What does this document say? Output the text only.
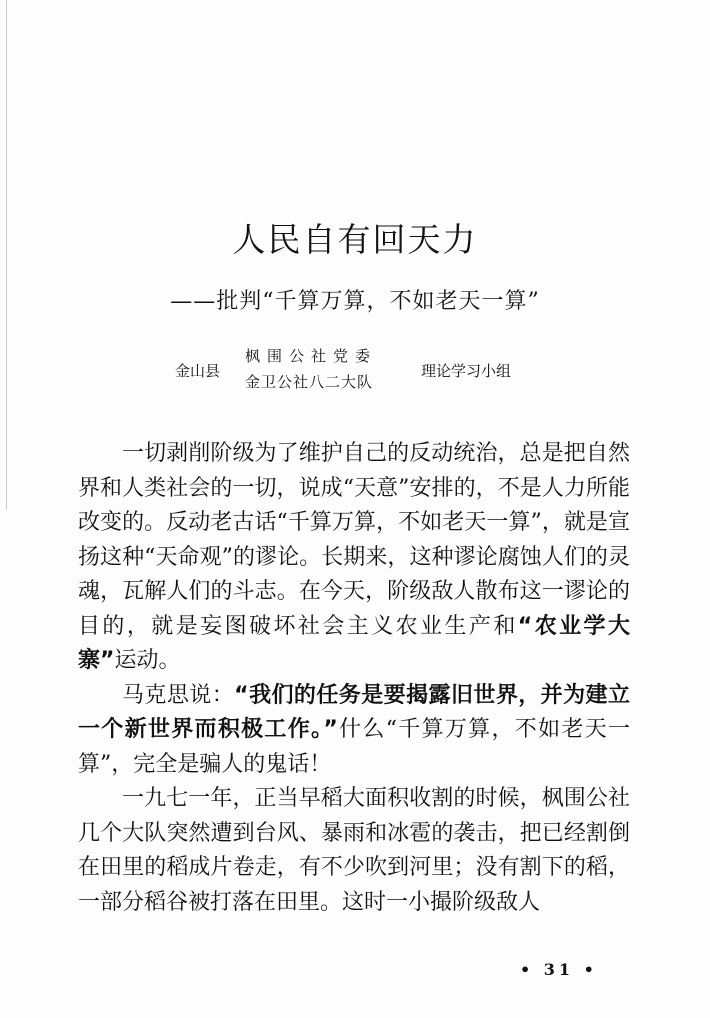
人民自有回天力
——批判“千算万算，不如老天一算”
金山县
枫围公社党委
金卫公社八二大队
理论学习小组

一切剥削阶级为了维护自己的反动统治，总是把自然界和人类社会的一切，说成“天意”安排的，不是人力所能改变的。反动老古话“千算万算，不如老天一算”，就是宣扬这种“天命观”的谬论。长期来，这种谬论腐蚀人们的灵魂，瓦解人们的斗志。在今天，阶级敌人散布这一谬论的目的，就是妄图破坏社会主义农业生产和“农业学大寨”运动。

马克思说：“我们的任务是要揭露旧世界，并为建立一个新世界而积极工作。”什么“千算万算，不如老天一算”，完全是骗人的鬼话！

一九七一年，正当早稻大面积收割的时候，枫围公社几个大队突然遭到台风、暴雨和冰雹的袭击，把已经割倒在田里的稻成片卷走，有不少吹到河里；没有割下的稻，一部分稻谷被打落在田里。这时一小撮阶级敌人

• 31 •
